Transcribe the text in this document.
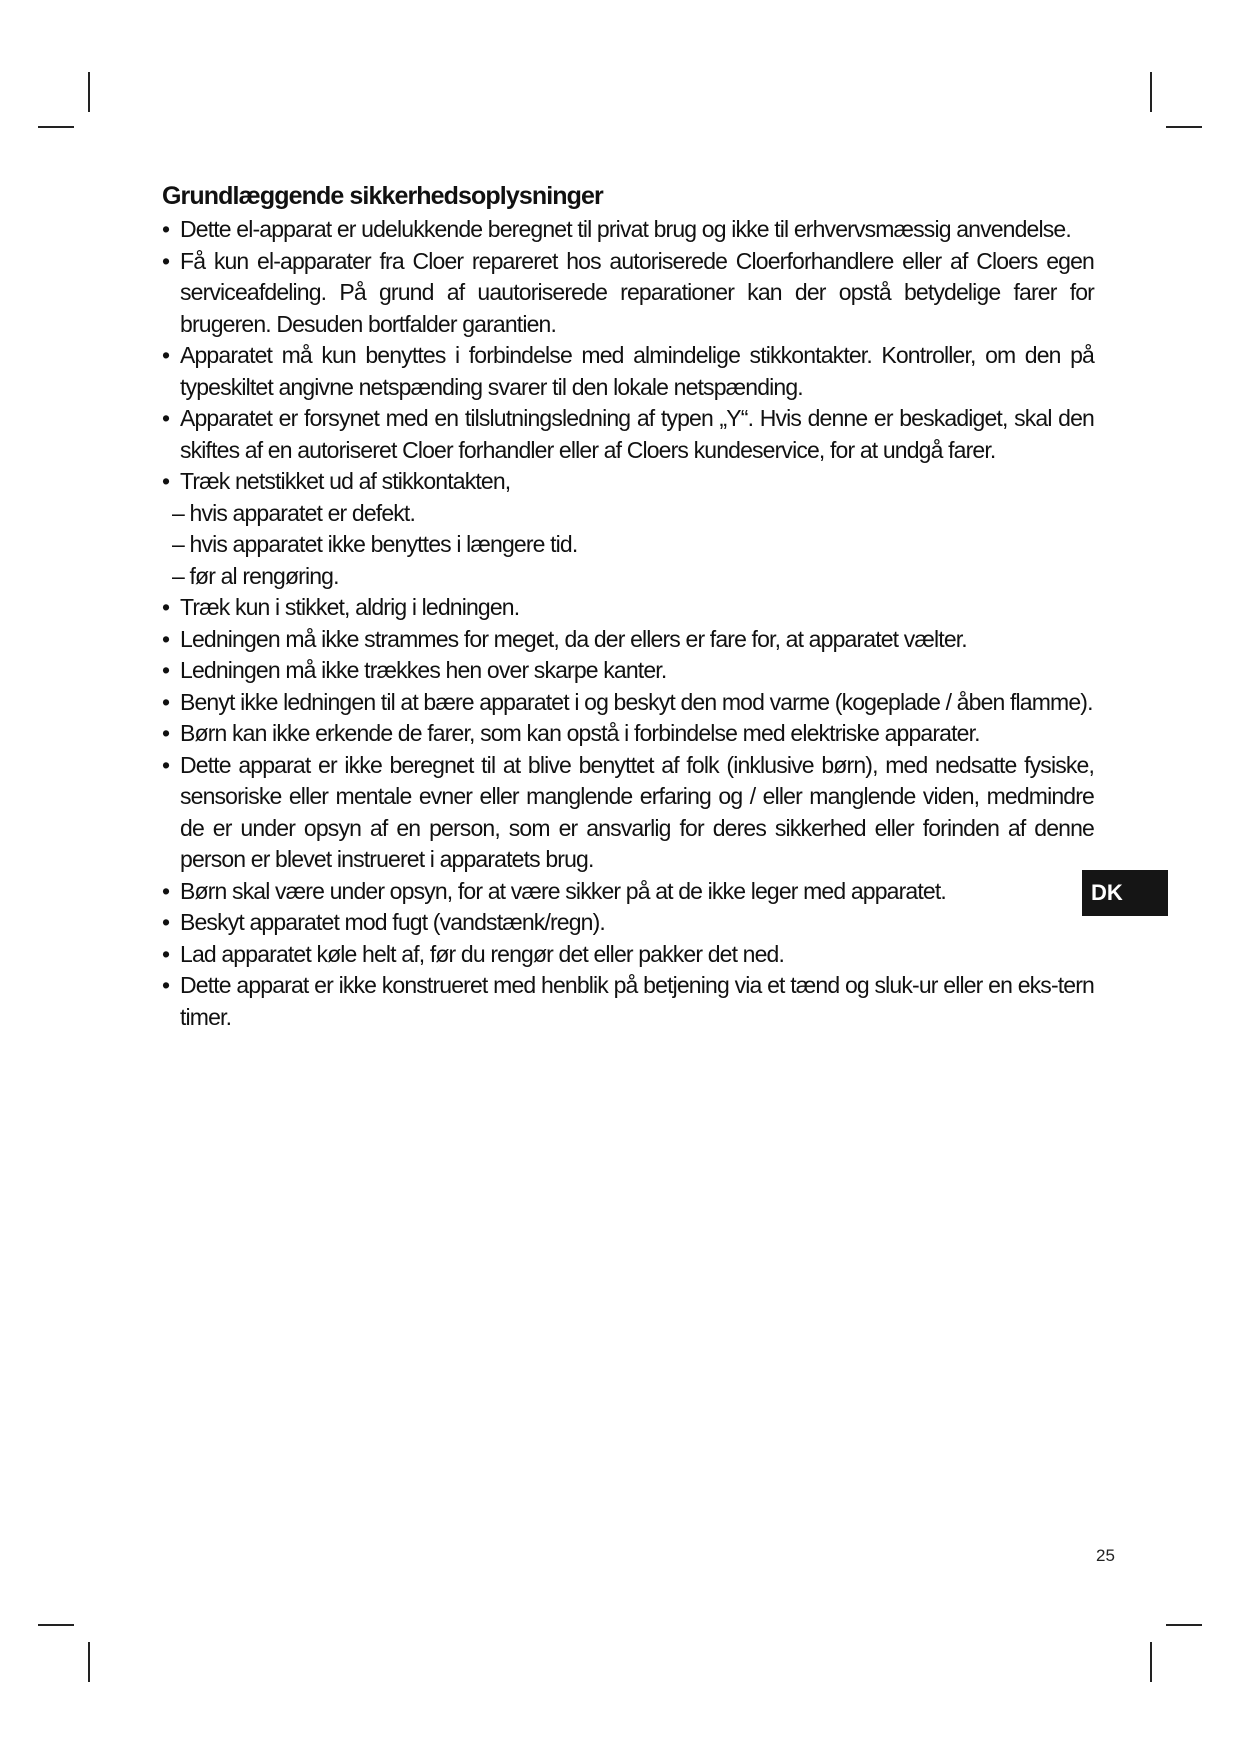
Grundlæggende sikkerhedsoplysninger
• Dette el-apparat er udelukkende beregnet til privat brug og ikke til erhvervsmæssig anvendelse.
• Få kun el-apparater fra Cloer repareret hos autoriserede Cloerforhandlere eller af Cloers egen serviceafdeling. På grund af uautoriserede reparationer kan der opstå betydelige farer for brugeren. Desuden bortfalder garantien.
• Apparatet må kun benyttes i forbindelse med almindelige stikkontakter. Kontroller, om den på typeskiltet angivne netspænding svarer til den lokale netspænding.
• Apparatet er forsynet med en tilslutningsledning af typen „Y“. Hvis denne er beskadiget, skal den skiftes af en autoriseret Cloer forhandler eller af Cloers kundeservice, for at undgå farer.
• Træk netstikket ud af stikkontakten,
– hvis apparatet er defekt.
– hvis apparatet ikke benyttes i længere tid.
– før al rengøring.
• Træk kun i stikket, aldrig i ledningen.
• Ledningen må ikke strammes for meget, da der ellers er fare for, at apparatet vælter.
• Ledningen må ikke trækkes hen over skarpe kanter.
• Benyt ikke ledningen til at bære apparatet i og beskyt den mod varme (kogeplade / åben flamme).
• Børn kan ikke erkende de farer, som kan opstå i forbindelse med elektriske apparater.
• Dette apparat er ikke beregnet til at blive benyttet af folk (inklusive børn), med nedsatte fysiske, sensoriske eller mentale evner eller manglende erfaring og / eller manglende viden, medmindre de er under opsyn af en person, som er ansvarlig for deres sikkerhed eller forinden af denne person er blevet instrueret i apparatets brug.
• Børn skal være under opsyn, for at være sikker på at de ikke leger med apparatet.
• Beskyt apparatet mod fugt (vandstænk/regn).
• Lad apparatet køle helt af, før du rengør det eller pakker det ned.
• Dette apparat er ikke konstrueret med henblik på betjening via et tænd og sluk-ur eller en eks-tern timer.
DK
25
